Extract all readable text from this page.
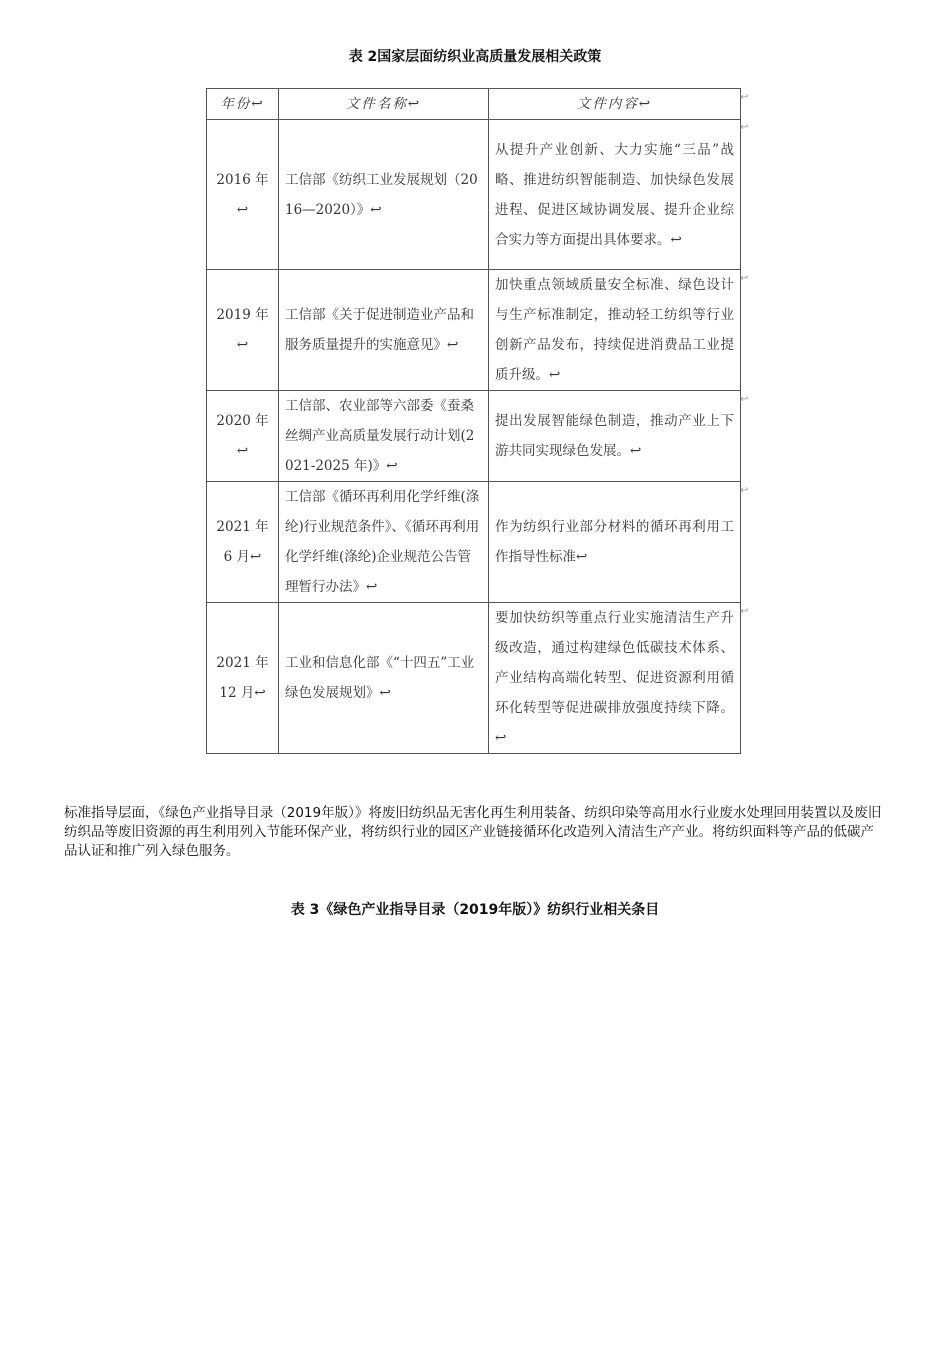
表 2国家层面纺织业高质量发展相关政策
年份↩	文件名称↩	文件内容↩
2016 年↩	工信部《纺织工业发展规划（2016—2020）》↩	从提升产业创新、大力实施“三品”战略、推进纺织智能制造、加快绿色发展进程、促进区域协调发展、提升企业综合实力等方面提出具体要求。↩
2019 年↩	工信部《关于促进制造业产品和服务质量提升的实施意见》↩	加快重点领域质量安全标准、绿色设计与生产标准制定，推动轻工纺织等行业创新产品发布，持续促进消费品工业提质升级。↩
2020 年↩	工信部、农业部等六部委《蚕桑丝绸产业高质量发展行动计划(2021-2025 年)》↩	提出发展智能绿色制造，推动产业上下游共同实现绿色发展。↩
2021 年 6 月↩	工信部《循环再利用化学纤维(涤纶)行业规范条件》、《循环再利用化学纤维(涤纶)企业规范公告管理暂行办法》↩	作为纺织行业部分材料的循环再利用工作指导性标准↩
2021 年 12 月↩	工业和信息化部《“十四五”工业绿色发展规划》↩	要加快纺织等重点行业实施清洁生产升级改造，通过构建绿色低碳技术体系、产业结构高端化转型、促进资源利用循环化转型等促进碳排放强度持续下降。↩
↩
↩
↩
↩
↩
↩
标准指导层面，《绿色产业指导目录（2019年版）》将废旧纺织品无害化再生利用装备、纺织印染等高用水行业废水处理回用装置以及废旧纺织品等废旧资源的再生利用列入节能环保产业，将纺织行业的园区产业链接循环化改造列入清洁生产产业。将纺织面料等产品的低碳产品认证和推广列入绿色服务。
表 3《绿色产业指导目录（2019年版）》纺织行业相关条目
